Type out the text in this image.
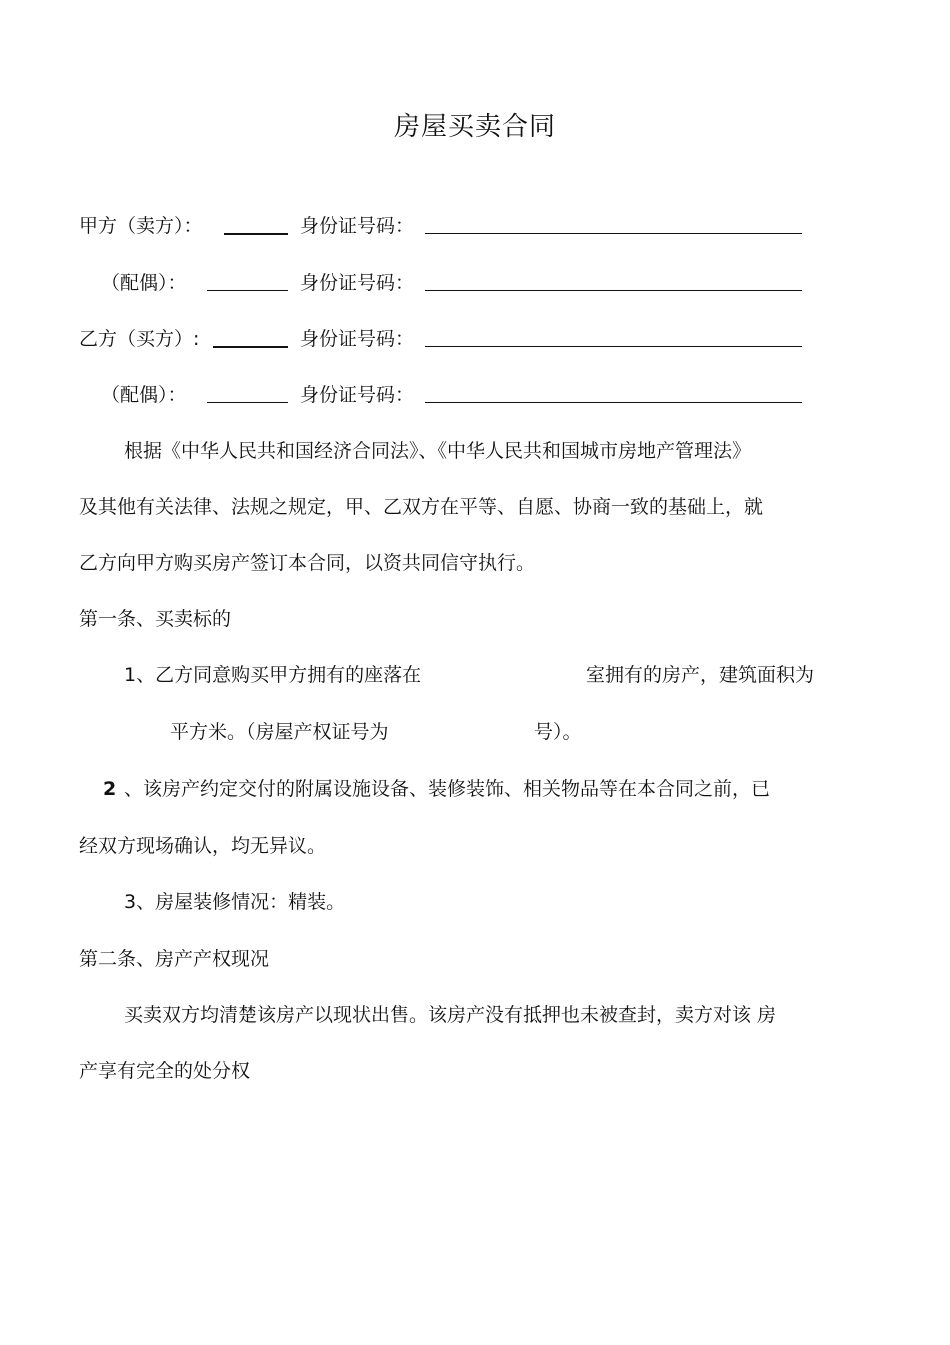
房屋买卖合同
甲方（卖方）：	身份证号码：
（配偶）：	身份证号码：
乙方（买方）:	身份证号码：
（配偶）：	身份证号码：
根据《中华人民共和国经济合同法》、《中华人民共和国城市房地产管理法》
及其他有关法律、法规之规定，甲、乙双方在平等、自愿、协商一致的基础上，就
乙方向甲方购买房产签订本合同，以资共同信守执行。
第一条、买卖标的
1、乙方同意购买甲方拥有的座落在	室拥有的房产，建筑面积为
平方米。（房屋产权证号为	号）。
2 、该房产约定交付的附属设施设备、装修装饰、相关物品等在本合同之前，已
经双方现场确认，均无异议。
3、房屋装修情况：精装。
第二条、房产产权现况
买卖双方均清楚该房产以现状出售。该房产没有抵押也未被查封，卖方对该 房
产享有完全的处分权
